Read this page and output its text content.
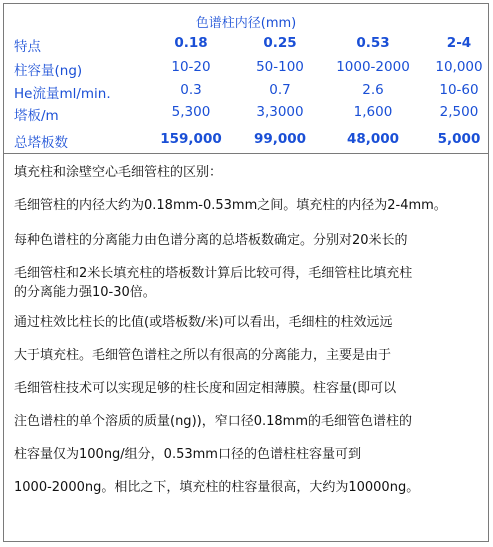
色谱柱内径(mm)
特点	0.18	0.25	0.53	2-4
柱容量(ng)	10-20	50-100	1000-2000	10,000
He流量ml/min.	0.3	0.7	2.6	10-60
塔板/m	5,300	3,3000	1,600	2,500
总塔板数	159,000	99,000	48,000	5,000
填充柱和涂壁空心毛细管柱的区别：
毛细管柱的内径大约为0.18mm-0.53mm之间。填充柱的内径为2-4mm。
每种色谱柱的分离能力由色谱分离的总塔板数确定。分别对20米长的
毛细管柱和2米长填充柱的塔板数计算后比较可得，毛细管柱比填充柱
的分离能力强10-30倍。
通过柱效比柱长的比值(或塔板数/米)可以看出，毛细柱的柱效远远
大于填充柱。毛细管色谱柱之所以有很高的分离能力，主要是由于
毛细管柱技术可以实现足够的柱长度和固定相薄膜。柱容量(即可以
注色谱柱的单个溶质的质量(ng))，窄口径0.18mm的毛细管色谱柱的
柱容量仅为100ng/组分，0.53mm口径的色谱柱柱容量可到
1000-2000ng。相比之下，填充柱的柱容量很高，大约为10000ng。
